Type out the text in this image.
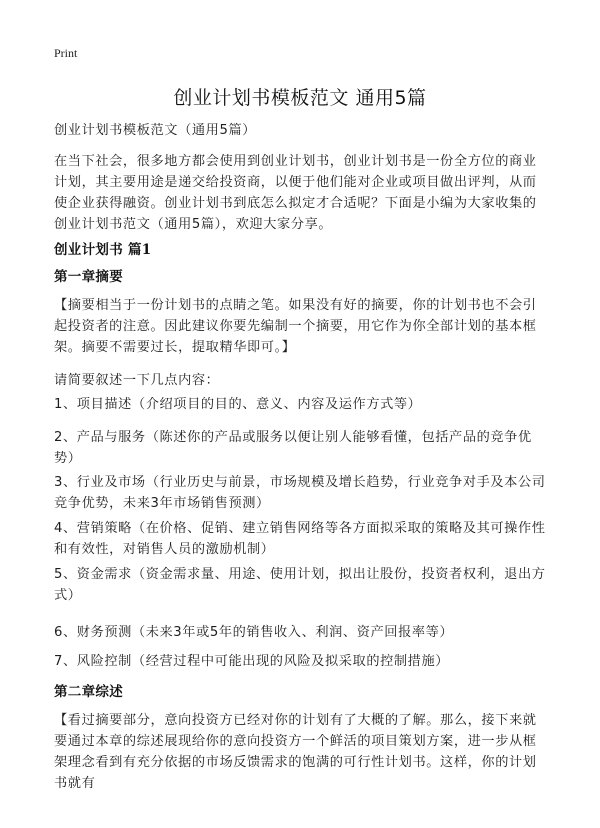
Print
创业计划书模板范文 通用5篇
创业计划书模板范文（通用5篇）
在当下社会，很多地方都会使用到创业计划书，创业计划书是一份全方位的商业计划，其主要用途是递交给投资商，以便于他们能对企业或项目做出评判，从而使企业获得融资。创业计划书到底怎么拟定才合适呢？下面是小编为大家收集的创业计划书范文（通用5篇），欢迎大家分享。
创业计划书 篇1
第一章摘要
【摘要相当于一份计划书的点睛之笔。如果没有好的摘要，你的计划书也不会引起投资者的注意。因此建议你要先编制一个摘要，用它作为你全部计划的基本框架。摘要不需要过长，提取精华即可。】
请简要叙述一下几点内容：
1、项目描述（介绍项目的目的、意义、内容及运作方式等）
2、产品与服务（陈述你的产品或服务以便让别人能够看懂，包括产品的竞争优势）
3、行业及市场（行业历史与前景，市场规模及增长趋势，行业竞争对手及本公司竞争优势，未来3年市场销售预测）
4、营销策略（在价格、促销、建立销售网络等各方面拟采取的策略及其可操作性和有效性，对销售人员的激励机制）
5、资金需求（资金需求量、用途、使用计划，拟出让股份，投资者权利，退出方式）
6、财务预测（未来3年或5年的销售收入、利润、资产回报率等）
7、风险控制（经营过程中可能出现的风险及拟采取的控制措施）
第二章综述
【看过摘要部分，意向投资方已经对你的计划有了大概的了解。那么，接下来就要通过本章的综述展现给你的意向投资方一个鲜活的项目策划方案，进一步从框架理念看到有充分依据的市场反馈需求的饱满的可行性计划书。这样，你的计划书就有
